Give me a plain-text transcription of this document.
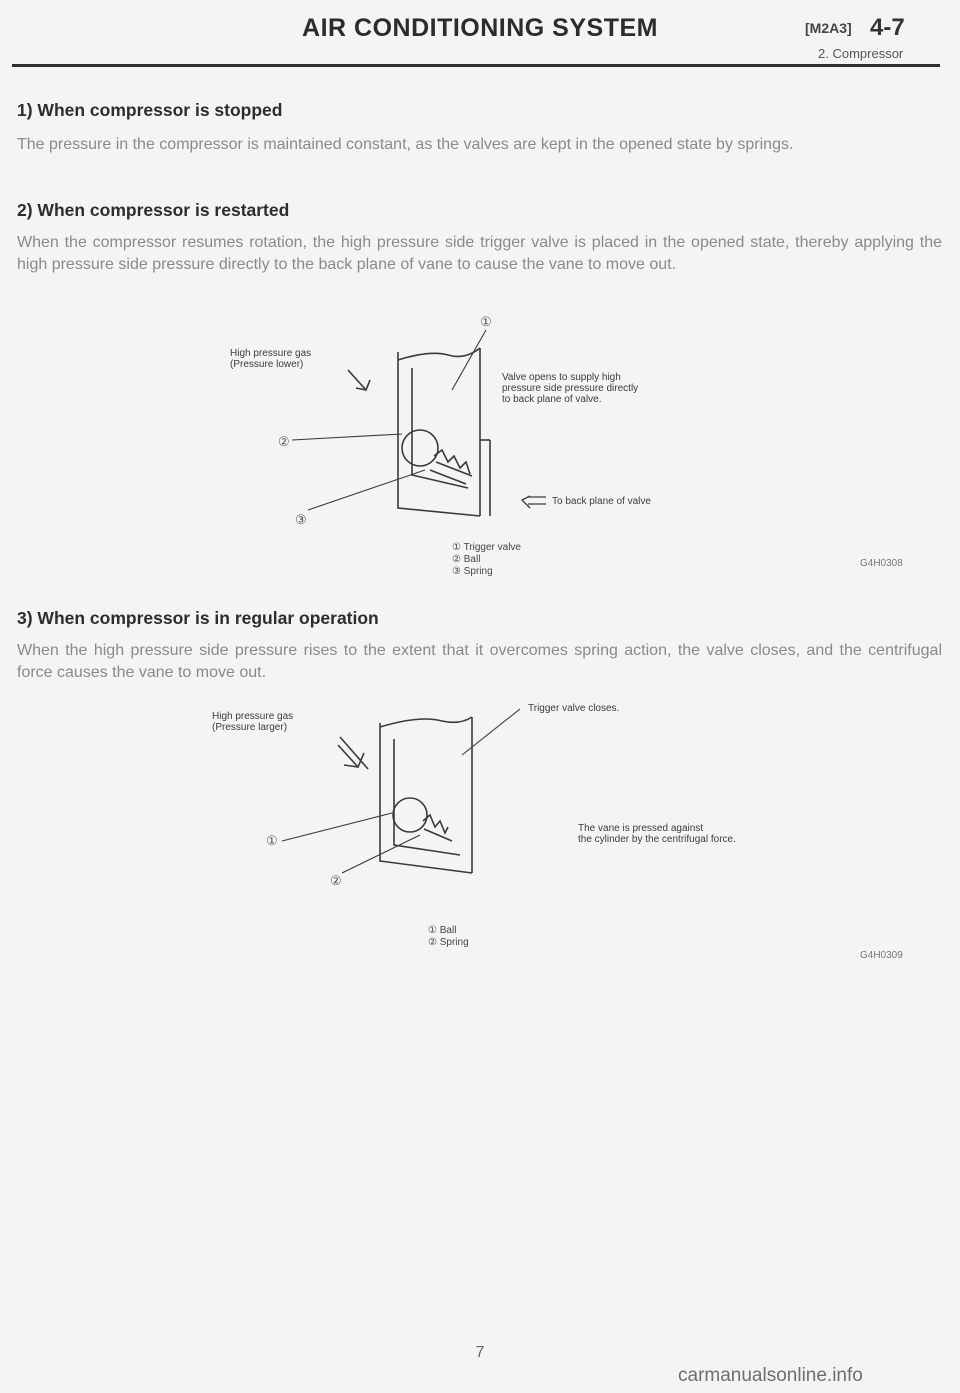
AIR CONDITIONING SYSTEM	[M2A3] 4-7
2. Compressor
1) When compressor is stopped
The pressure in the compressor is maintained constant, as the valves are kept in the opened state by springs.
2) When compressor is restarted
When the compressor resumes rotation, the high pressure side trigger valve is placed in the opened state, thereby applying the high pressure side pressure directly to the back plane of vane to cause the vane to move out.
①
②
③
High pressure gas
(Pressure lower)
Valve opens to supply high
pressure side pressure directly
to back plane of valve.
To back plane of valve
① Trigger valve
② Ball
③ Spring
G4H0308
3) When compressor is in regular operation
When the high pressure side pressure rises to the extent that it overcomes spring action, the valve closes, and the centrifugal force causes the vane to move out.
High pressure gas
(Pressure larger)
Trigger valve closes.
The vane is pressed against
the cylinder by the centrifugal force.
①
②
① Ball
② Spring
G4H0309
7
carmanualsonline.info
